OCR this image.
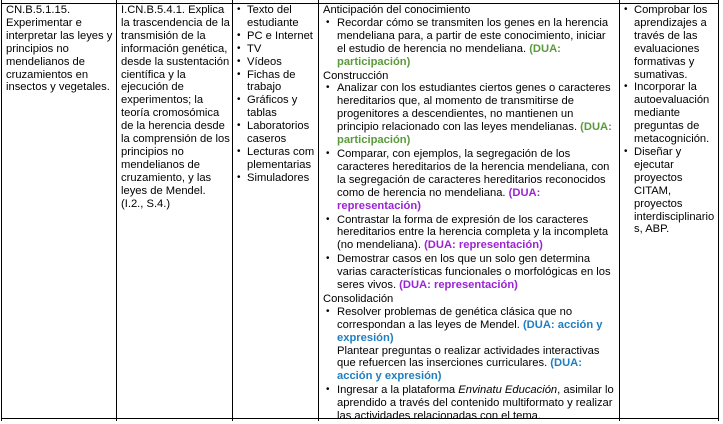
CN.B.5.1.15. Experimentar e interpretar las leyes y principios no mendelianos de cruzamientos en insectos y vegetales.
I.CN.B.5.4.1. Explica la trascendencia de la transmisión de la información genética, desde la sustentación científica y la ejecución de experimentos; la teoría cromosómica de la herencia desde la comprensión de los principios no mendelianos de cruzamiento, y las leyes de Mendel. (I.2., S.4.)
• Texto del estudiante
• PC e Internet
• TV
• Vídeos
• Fichas de trabajo
• Gráficos y tablas
• Laboratorios caseros
• Lecturas complementarias
• Simuladores
Anticipación del conocimiento
• Recordar cómo se transmiten los genes en la herencia mendeliana para, a partir de este conocimiento, iniciar el estudio de herencia no mendeliana. (DUA: participación)
Construcción
• Analizar con los estudiantes ciertos genes o caracteres hereditarios que, al momento de transmitirse de progenitores a descendientes, no mantienen un principio relacionado con las leyes mendelianas. (DUA: participación)
• Comparar, con ejemplos, la segregación de los caracteres hereditarios de la herencia mendeliana, con la segregación de caracteres hereditarios reconocidos como de herencia no mendeliana. (DUA: representación)
• Contrastar la forma de expresión de los caracteres hereditarios entre la herencia completa y la incompleta (no mendeliana). (DUA: representación)
• Demostrar casos en los que un solo gen determina varias características funcionales o morfológicas en los seres vivos. (DUA: representación)
Consolidación
• Resolver problemas de genética clásica que no correspondan a las leyes de Mendel. (DUA: acción y expresión)
Plantear preguntas o realizar actividades interactivas que refuercen las inserciones curriculares. (DUA: acción y expresión)
• Ingresar a la plataforma Envinatu Educación, asimilar lo aprendido a través del contenido multiformato y realizar las actividades relacionadas con el tema.
• Comprobar los aprendizajes a través de las evaluaciones formativas y sumativas.
• Incorporar la autoevaluación mediante preguntas de metacognición.
• Diseñar y ejecutar proyectos CITAM, proyectos interdisciplinarios, ABP.
